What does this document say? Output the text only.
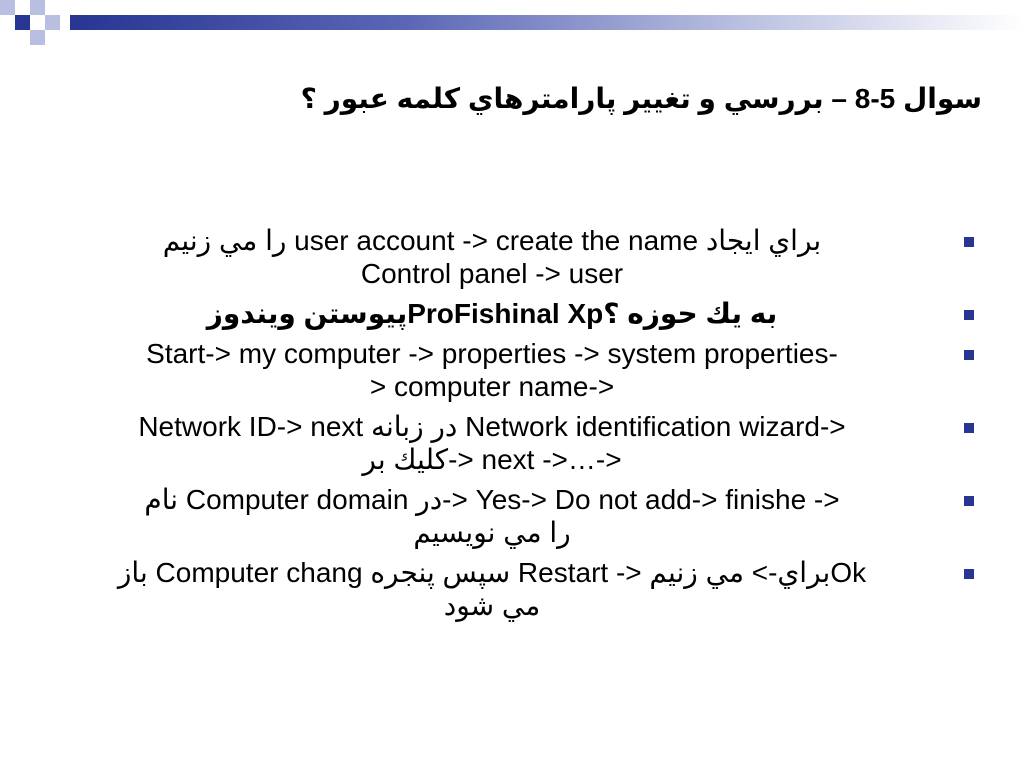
سوال 5-8 – بررسي و تغيير پارامترهاي كلمه عبور ؟
را مي زنيم user account -> create the name براي ايجاد
Control panel -> user
پيوستن ويندوزProFishinal Xpبه يك حوزه ؟
Start-> my computer -> properties -> system properties-
> computer name->
Network ID-> next در زبانه Network identification wizard->
كليك بر-> next ->…->
نام Computer domain در-> Yes-> Do not add-> finishe ->
را مي نويسيم
باز Computer chang سپس پنجره Restart -> براي-> مي زنيمOk
مي شود
